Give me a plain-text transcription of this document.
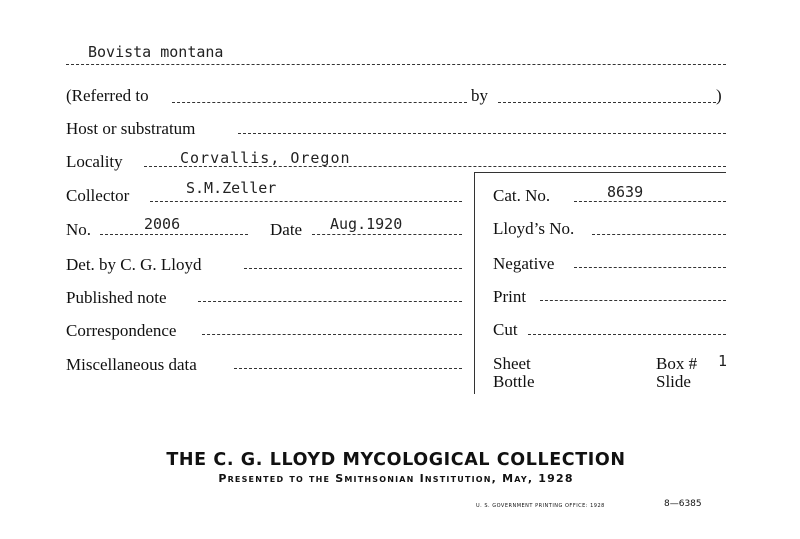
Bovista montana
(Referred to	by	)
Host or substratum
Locality	Corvallis, Oregon
Collector	S.M.Zeller
No.	2006	Date Aug.1920
Det. by C. G. Lloyd
Published note
Correspondence
Miscellaneous data
Cat. No.	8639
Lloyd’s No.
Negative
Print
Cut
Sheet	Box # 1
Bottle	Slide
THE C. G. LLOYD MYCOLOGICAL COLLECTION
Presented to the Smithsonian Institution, May, 1928
U. S. GOVERNMENT PRINTING OFFICE: 1928	8—6385
